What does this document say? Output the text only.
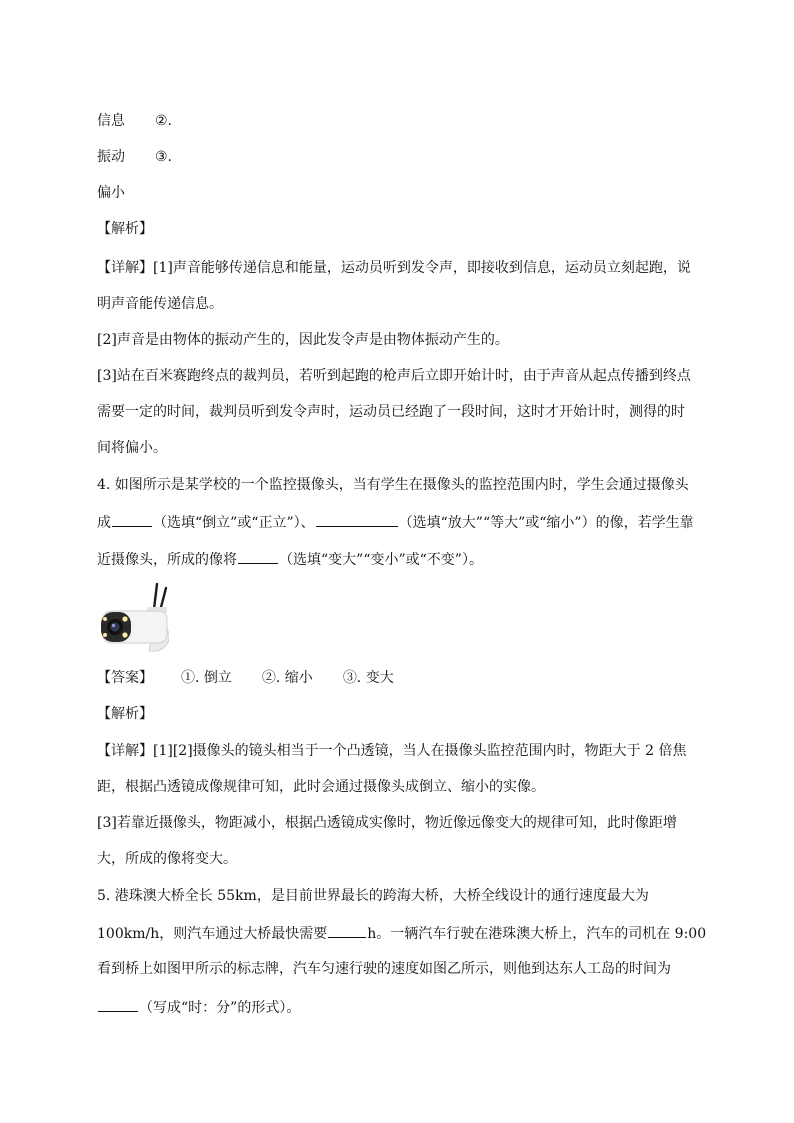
信息 ②.
振动 ③.
偏小
【解析】
【详解】[1]声音能够传递信息和能量，运动员听到发令声，即接收到信息，运动员立刻起跑，说
明声音能传递信息。
[2]声音是由物体的振动产生的，因此发令声是由物体振动产生的。
[3]站在百米赛跑终点的裁判员，若听到起跑的枪声后立即开始计时，由于声音从起点传播到终点
需要一定的时间，裁判员听到发令声时，运动员已经跑了一段时间，这时才开始计时，测得的时
间将偏小。
4. 如图所示是某学校的一个监控摄像头，当有学生在摄像头的监控范围内时，学生会通过摄像头
成	（选填“倒立”或“正立”）、	（选填“放大”“等大”或“缩小”）的像，若学生靠
近摄像头，所成的像将	（选填“变大”“变小”或“不变”）。
【答案】 ①. 倒立 ②. 缩小 ③. 变大
【解析】
【详解】[1][2]摄像头的镜头相当于一个凸透镜，当人在摄像头监控范围内时，物距大于 2 倍焦
距，根据凸透镜成像规律可知，此时会通过摄像头成倒立、缩小的实像。
[3]若靠近摄像头，物距减小，根据凸透镜成实像时，物近像远像变大的规律可知，此时像距增
大，所成的像将变大。
5. 港珠澳大桥全长 55km，是目前世界最长的跨海大桥，大桥全线设计的通行速度最大为
100km/h，则汽车通过大桥最快需要	h。一辆汽车行驶在港珠澳大桥上，汽车的司机在 9:00
看到桥上如图甲所示的标志牌，汽车匀速行驶的速度如图乙所示，则他到达东人工岛的时间为
（写成“时：分”的形式）。
